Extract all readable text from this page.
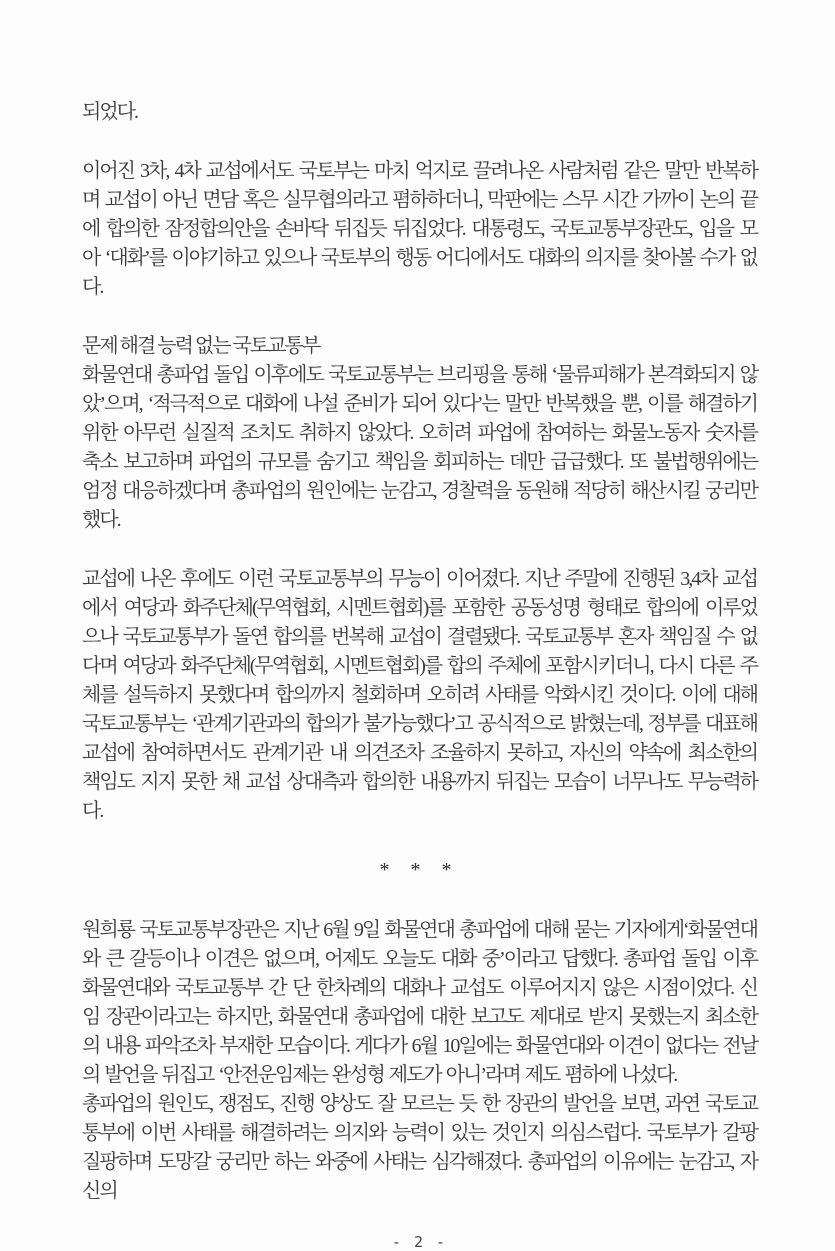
되었다.

이어진 3차, 4차 교섭에서도 국토부는 마치 억지로 끌려나온 사람처럼 같은 말만 반복하며 교섭이 아닌 면담 혹은 실무협의라고 폄하하더니, 막판에는 스무 시간 가까이 논의 끝에 합의한 잠정합의안을 손바닥 뒤집듯 뒤집었다. 대통령도, 국토교통부장관도, 입을 모아 ‘대화’를 이야기하고 있으나 국토부의 행동 어디에서도 대화의 의지를 찾아볼 수가 없다.

문제 해결 능력 없는 국토교통부

화물연대 총파업 돌입 이후에도 국토교통부는 브리핑을 통해 ‘물류피해가 본격화되지 않았’으며, ‘적극적으로 대화에 나설 준비가 되어 있다’는 말만 반복했을 뿐, 이를 해결하기 위한 아무런 실질적 조치도 취하지 않았다. 오히려 파업에 참여하는 화물노동자 숫자를 축소 보고하며 파업의 규모를 숨기고 책임을 회피하는 데만 급급했다. 또 불법행위에는 엄정 대응하겠다며 총파업의 원인에는 눈감고, 경찰력을 동원해 적당히 해산시킬 궁리만 했다.

교섭에 나온 후에도 이런 국토교통부의 무능이 이어졌다. 지난 주말에 진행된 3,4차 교섭에서 여당과 화주단체(무역협회, 시멘트협회)를 포함한 공동성명 형태로 합의에 이루었으나 국토교통부가 돌연 합의를 번복해 교섭이 결렬됐다. 국토교통부 혼자 책임질 수 없다며 여당과 화주단체(무역협회, 시멘트협회)를 합의 주체에 포함시키더니, 다시 다른 주체를 설득하지 못했다며 합의까지 철회하며 오히려 사태를 악화시킨 것이다. 이에 대해 국토교통부는 ‘관계기관과의 합의가 불가능했다’고 공식적으로 밝혔는데, 정부를 대표해 교섭에 참여하면서도 관계기관 내 의견조차 조율하지 못하고, 자신의 약속에 최소한의 책임도 지지 못한 채 교섭 상대측과 합의한 내용까지 뒤집는 모습이 너무나도 무능력하다.

* * *

원희룡 국토교통부장관은 지난 6월 9일 화물연대 총파업에 대해 묻는 기자에게‘화물연대와 큰 갈등이나 이견은 없으며, 어제도 오늘도 대화 중’이라고 답했다. 총파업 돌입 이후 화물연대와 국토교통부 간 단 한차례의 대화나 교섭도 이루어지지 않은 시점이었다. 신임 장관이라고는 하지만, 화물연대 총파업에 대한 보고도 제대로 받지 못했는지 최소한의 내용 파악조차 부재한 모습이다. 게다가 6월 10일에는 화물연대와 이견이 없다는 전날의 발언을 뒤집고 ‘안전운임제는 완성형 제도가 아니’라며 제도 폄하에 나섰다.

총파업의 원인도, 쟁점도, 진행 양상도 잘 모르는 듯 한 장관의 발언을 보면, 과연 국토교통부에 이번 사태를 해결하려는 의지와 능력이 있는 것인지 의심스럽다. 국토부가 갈팡질팡하며 도망갈 궁리만 하는 와중에 사태는 심각해졌다. 총파업의 이유에는 눈감고, 자신의

- 2 -
